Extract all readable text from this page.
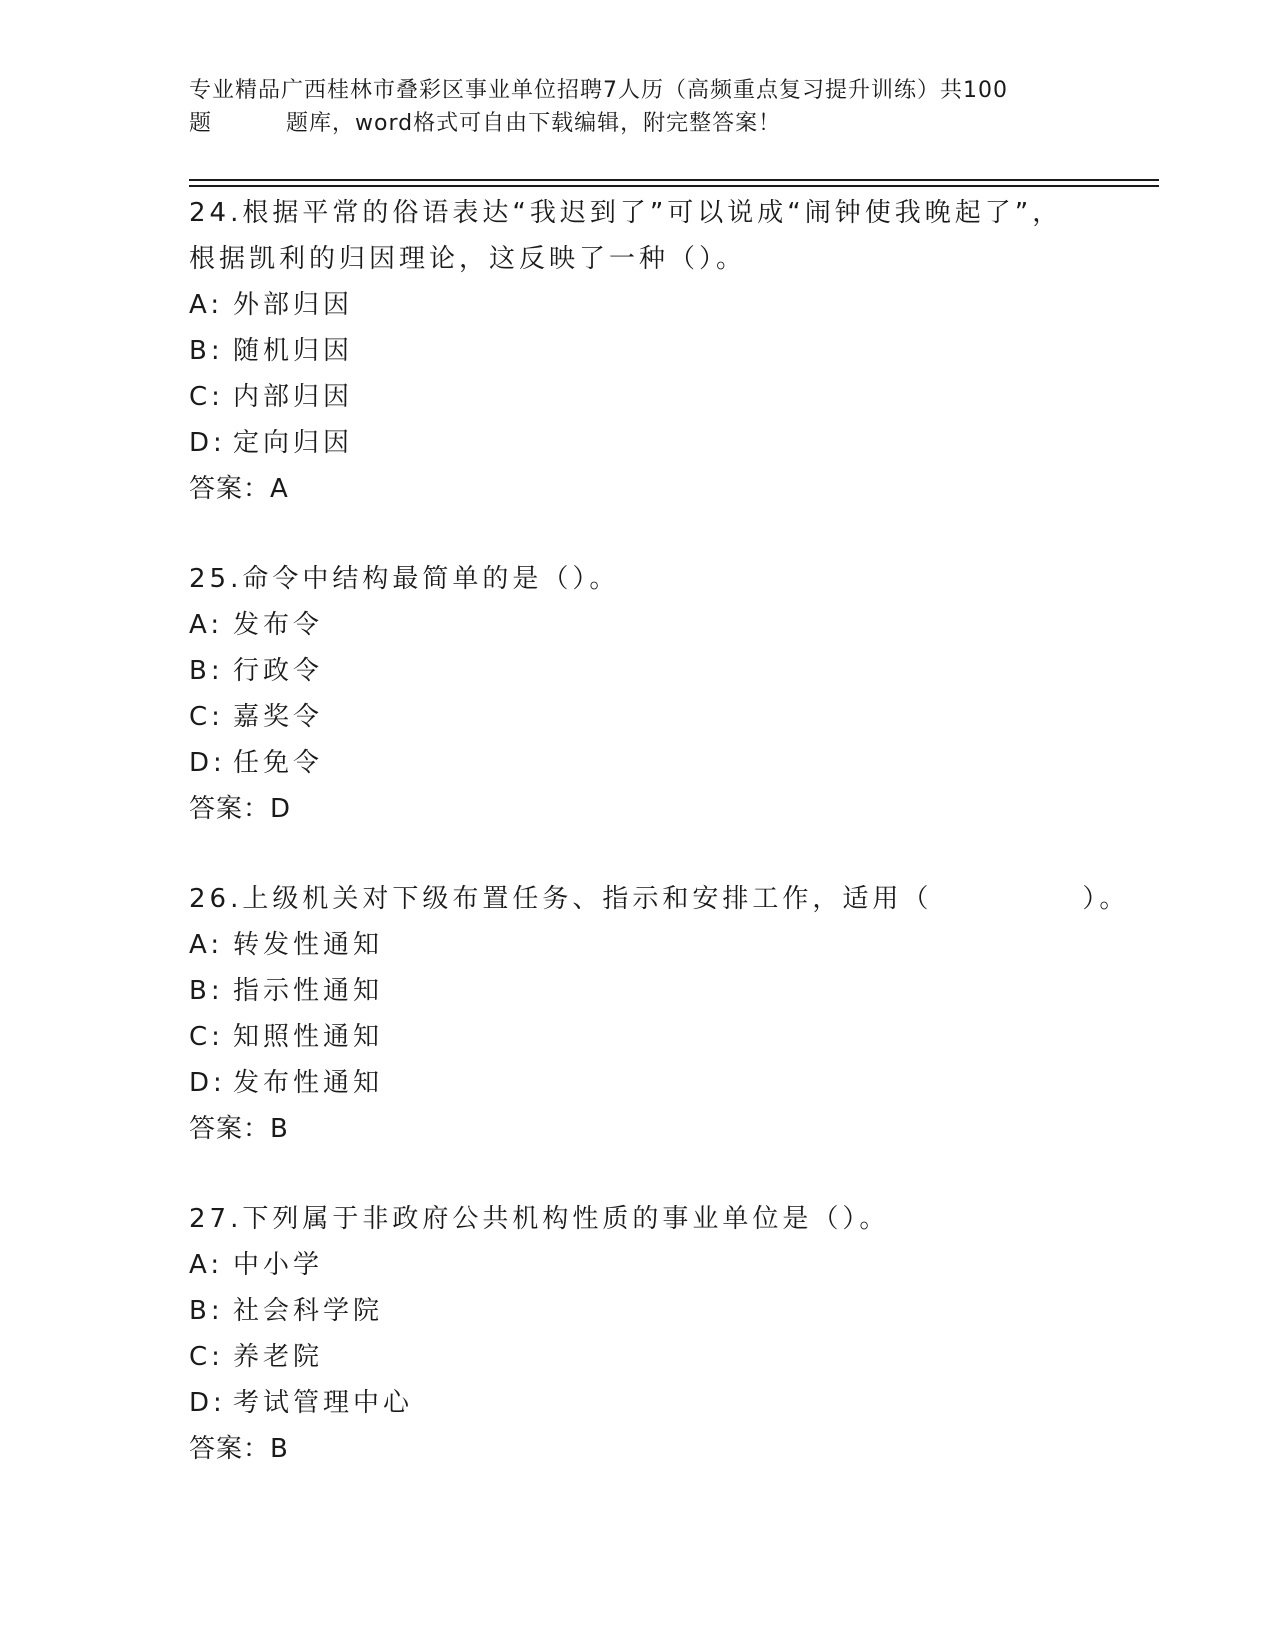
专业精品广西桂林市叠彩区事业单位招聘7人历（高频重点复习提升训练）共100
题	题库，word格式可自由下载编辑，附完整答案！
24.根据平常的俗语表达“我迟到了”可以说成“闹钟使我晚起了”，
根据凯利的归因理论，这反映了一种（）。
A: 外部归因
B: 随机归因
C: 内部归因
D: 定向归因
答案：A
25.命令中结构最简单的是（）。
A: 发布令
B: 行政令
C: 嘉奖令
D: 任免令
答案：D
26.上级机关对下级布置任务、指示和安排工作，适用（　　　　　）。
A: 转发性通知
B: 指示性通知
C: 知照性通知
D: 发布性通知
答案：B
27.下列属于非政府公共机构性质的事业单位是（）。
A: 中小学
B: 社会科学院
C: 养老院
D: 考试管理中心
答案：B
